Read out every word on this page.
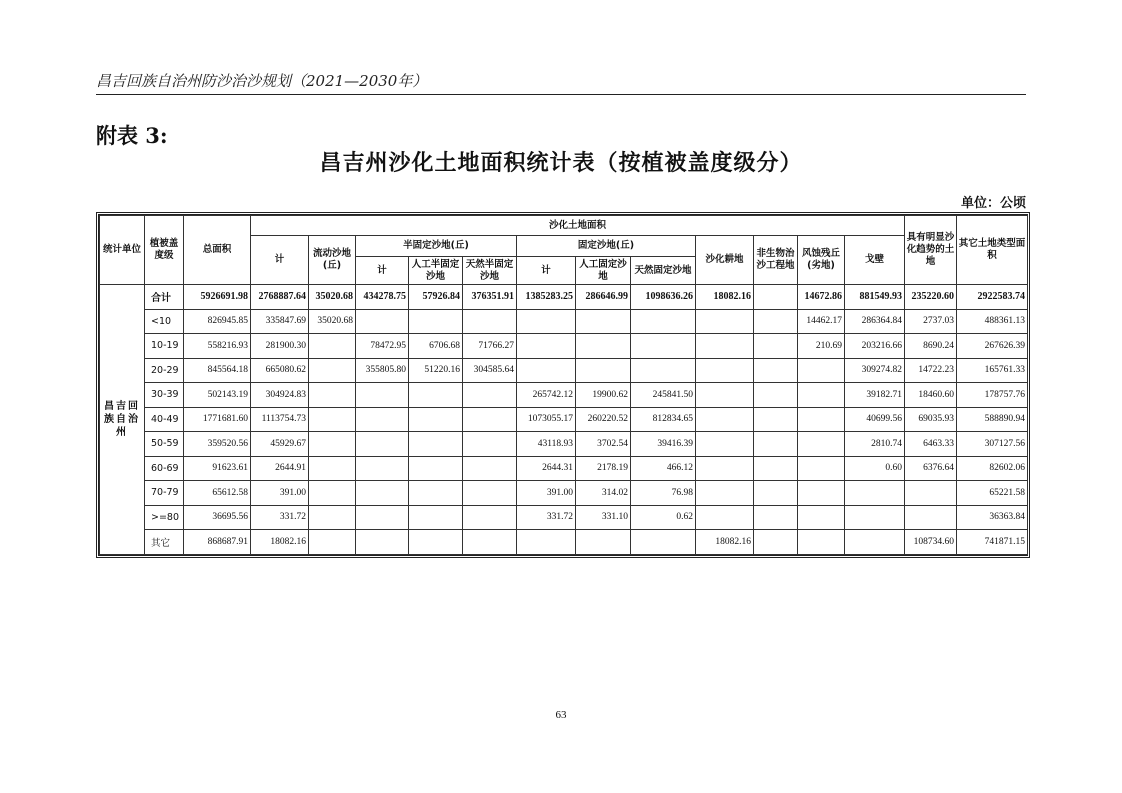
昌吉回族自治州防沙治沙规划（2021—2030年）
附表 3:
昌吉州沙化土地面积统计表（按植被盖度级分）
单位：公顷
统计单位	植被盖度级	总面积	沙化土地面积												具有明显沙化趋势的土地	其它土地类型面积
			计	流动沙地(丘)	半固定沙地(丘)			固定沙地(丘)			沙化耕地	非生物治沙工程地	风蚀残丘(劣地)	戈壁		
					计	人工半固定沙地	天然半固定沙地	计	人工固定沙地	天然固定沙地						
昌吉回族自治州	合计	5926691.98	2768887.64	35020.68	434278.75	57926.84	376351.91	1385283.25	286646.99	1098636.26	18082.16		14672.86	881549.93	235220.60	2922583.74
	<10	826945.85	335847.69	35020.68									14462.17	286364.84	2737.03	488361.13
	10-19	558216.93	281900.30		78472.95	6706.68	71766.27						210.69	203216.66	8690.24	267626.39
	20-29	845564.18	665080.62		355805.80	51220.16	304585.64							309274.82	14722.23	165761.33
	30-39	502143.19	304924.83					265742.12	19900.62	245841.50				39182.71	18460.60	178757.76
	40-49	1771681.60	1113754.73					1073055.17	260220.52	812834.65				40699.56	69035.93	588890.94
	50-59	359520.56	45929.67					43118.93	3702.54	39416.39				2810.74	6463.33	307127.56
	60-69	91623.61	2644.91					2644.31	2178.19	466.12				0.60	6376.64	82602.06
	70-79	65612.58	391.00					391.00	314.02	76.98						65221.58
	>=80	36695.56	331.72					331.72	331.10	0.62						36363.84
	其它	868687.91	18082.16								18082.16				108734.60	741871.15
63
